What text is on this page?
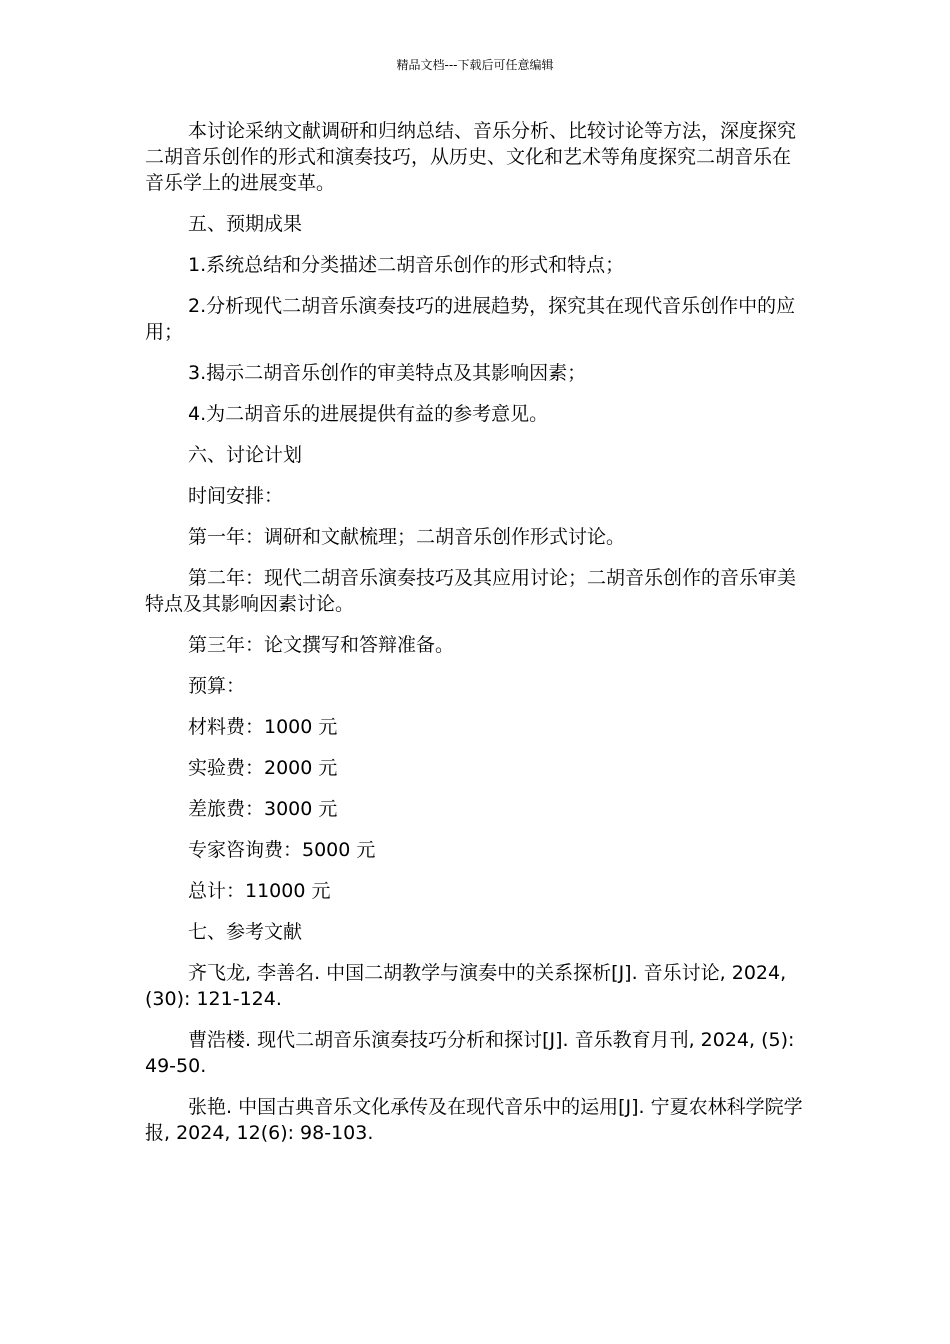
精品文档---下载后可任意编辑

本讨论采纳文献调研和归纳总结、音乐分析、比较讨论等方法，深度探究二胡音乐创作的形式和演奏技巧，从历史、文化和艺术等角度探究二胡音乐在音乐学上的进展变革。

五、预期成果

1.系统总结和分类描述二胡音乐创作的形式和特点；

2.分析现代二胡音乐演奏技巧的进展趋势，探究其在现代音乐创作中的应用；

3.揭示二胡音乐创作的审美特点及其影响因素；

4.为二胡音乐的进展提供有益的参考意见。

六、讨论计划

时间安排：

第一年：调研和文献梳理；二胡音乐创作形式讨论。

第二年：现代二胡音乐演奏技巧及其应用讨论；二胡音乐创作的音乐审美特点及其影响因素讨论。

第三年：论文撰写和答辩准备。

预算：

材料费：1000 元

实验费：2000 元

差旅费：3000 元

专家咨询费：5000 元

总计：11000 元

七、参考文献

齐飞龙, 李善名. 中国二胡教学与演奏中的关系探析[J]. 音乐讨论, 2024, (30): 121-124.

曹浩楼. 现代二胡音乐演奏技巧分析和探讨[J]. 音乐教育月刊, 2024, (5): 49-50.

张艳. 中国古典音乐文化承传及在现代音乐中的运用[J]. 宁夏农林科学院学报, 2024, 12(6): 98-103.
